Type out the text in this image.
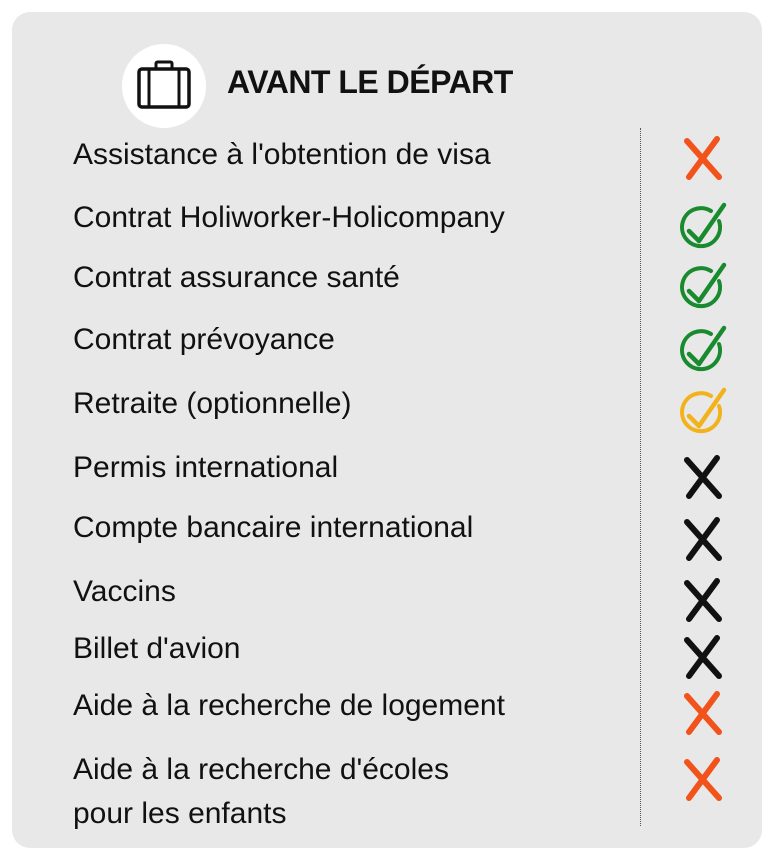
AVANT LE DÉPART
Assistance à l'obtention de visa
Contrat Holiworker-Holicompany
Contrat assurance santé
Contrat prévoyance
Retraite (optionnelle)
Permis international
Compte bancaire international
Vaccins
Billet d'avion
Aide à la recherche de logement
Aide à la recherche d'écoles
pour les enfants
